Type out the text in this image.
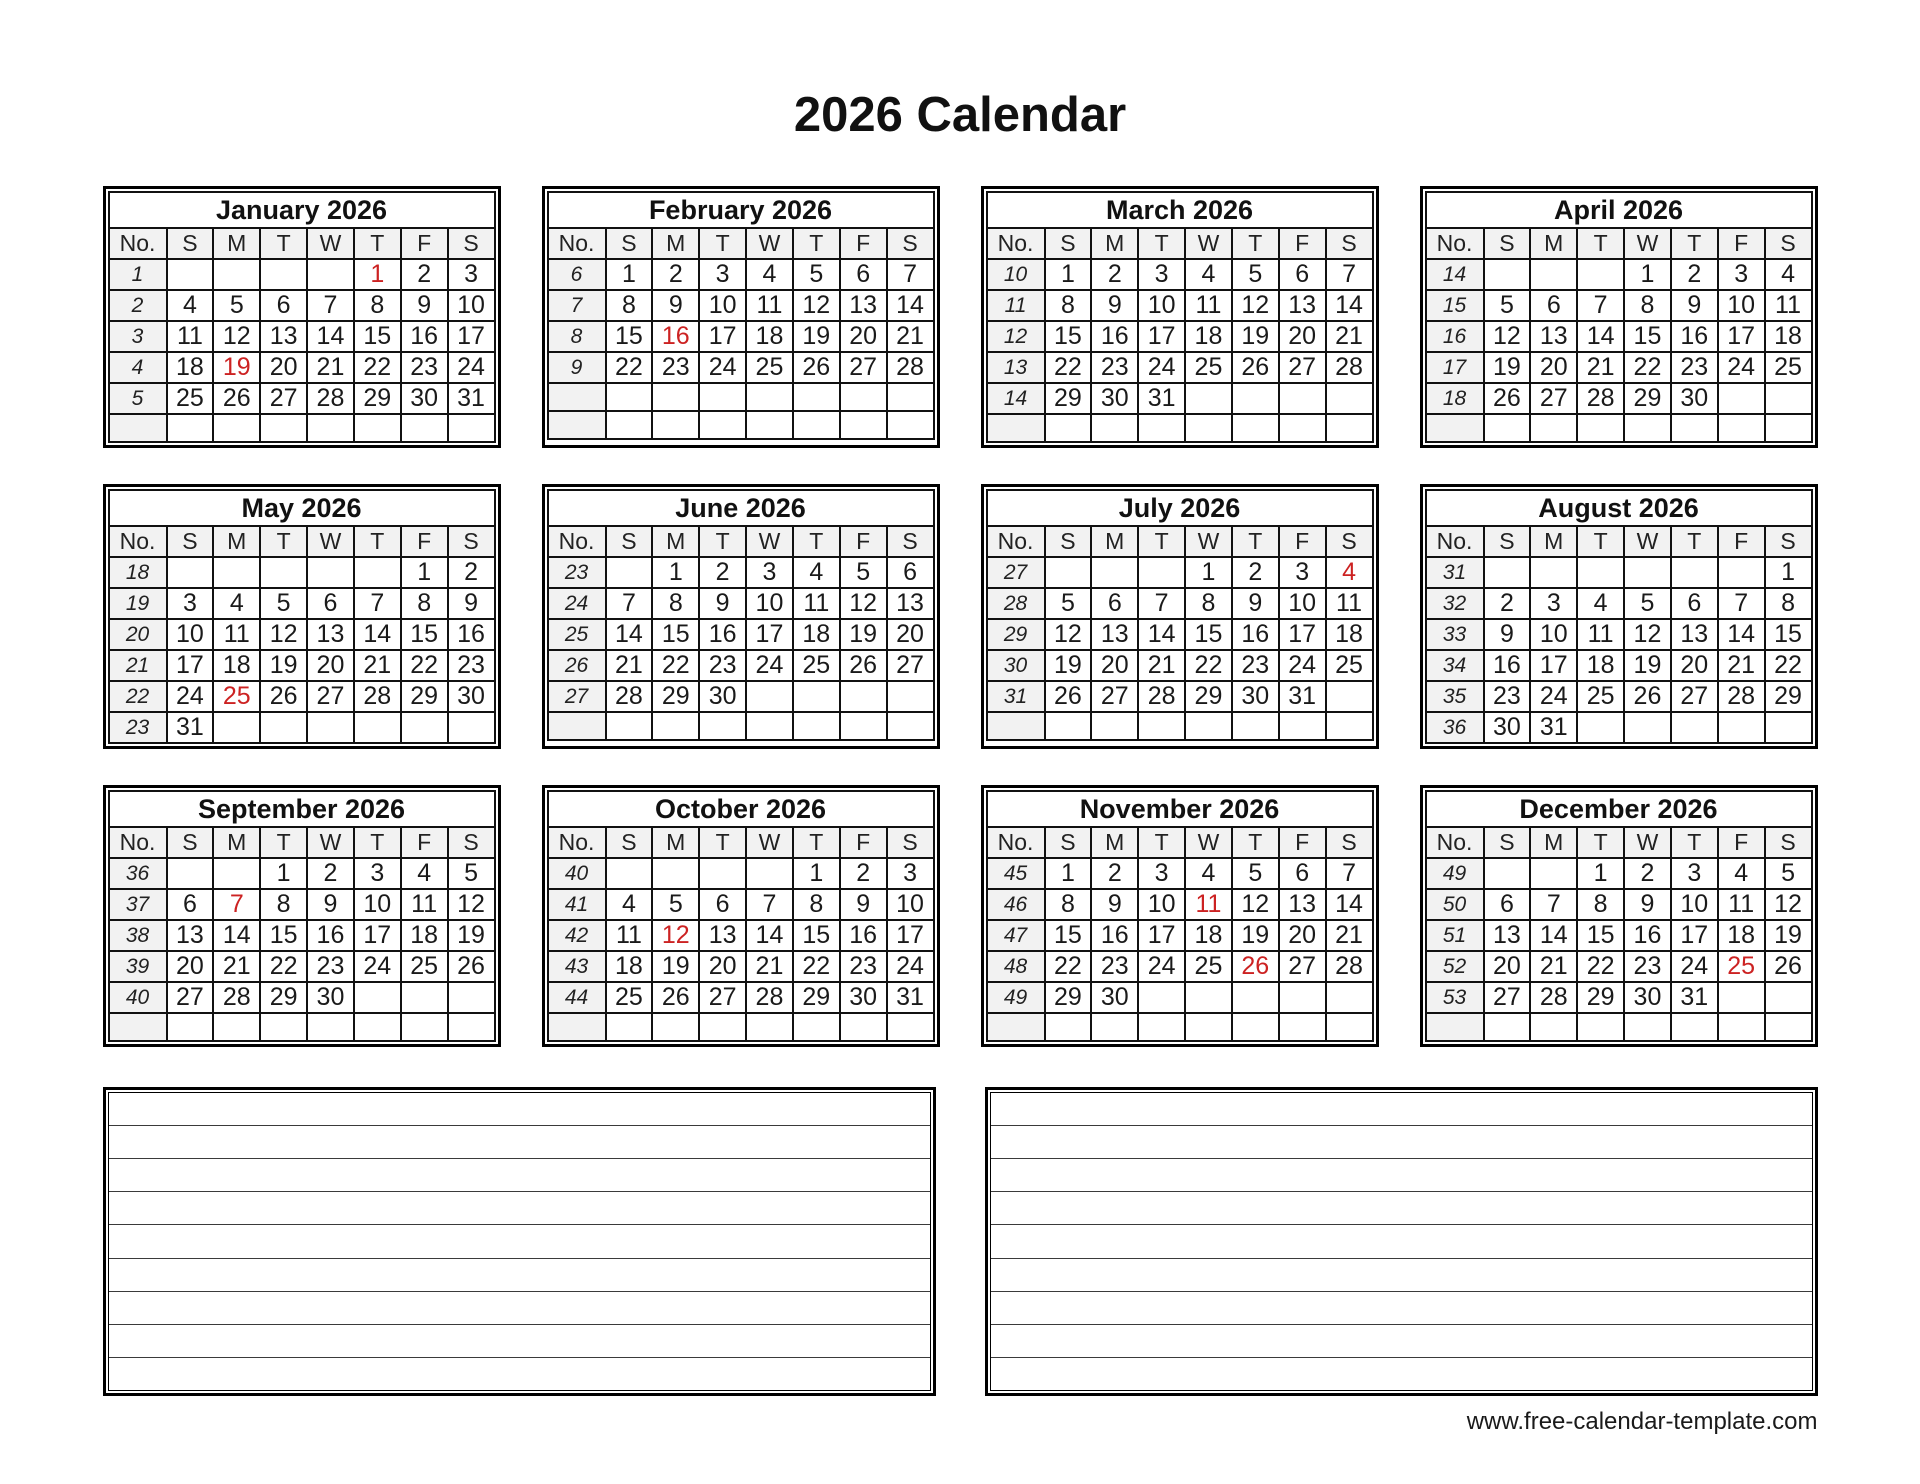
2026 Calendar
January 2026							
No.	S	M	T	W	T	F	S
1					1	2	3
2	4	5	6	7	8	9	10
3	11	12	13	14	15	16	17
4	18	19	20	21	22	23	24
5	25	26	27	28	29	30	31

February 2026							
No.	S	M	T	W	T	F	S
6	1	2	3	4	5	6	7
7	8	9	10	11	12	13	14
8	15	16	17	18	19	20	21
9	22	23	24	25	26	27	28

March 2026							
No.	S	M	T	W	T	F	S
10	1	2	3	4	5	6	7
11	8	9	10	11	12	13	14
12	15	16	17	18	19	20	21
13	22	23	24	25	26	27	28
14	29	30	31				

April 2026							
No.	S	M	T	W	T	F	S
14				1	2	3	4
15	5	6	7	8	9	10	11
16	12	13	14	15	16	17	18
17	19	20	21	22	23	24	25
18	26	27	28	29	30		

May 2026							
No.	S	M	T	W	T	F	S
18						1	2
19	3	4	5	6	7	8	9
20	10	11	12	13	14	15	16
21	17	18	19	20	21	22	23
22	24	25	26	27	28	29	30
23	31						
June 2026							
No.	S	M	T	W	T	F	S
23		1	2	3	4	5	6
24	7	8	9	10	11	12	13
25	14	15	16	17	18	19	20
26	21	22	23	24	25	26	27
27	28	29	30				

July 2026							
No.	S	M	T	W	T	F	S
27				1	2	3	4
28	5	6	7	8	9	10	11
29	12	13	14	15	16	17	18
30	19	20	21	22	23	24	25
31	26	27	28	29	30	31	

August 2026							
No.	S	M	T	W	T	F	S
31							1
32	2	3	4	5	6	7	8
33	9	10	11	12	13	14	15
34	16	17	18	19	20	21	22
35	23	24	25	26	27	28	29
36	30	31					
September 2026							
No.	S	M	T	W	T	F	S
36			1	2	3	4	5
37	6	7	8	9	10	11	12
38	13	14	15	16	17	18	19
39	20	21	22	23	24	25	26
40	27	28	29	30			

October 2026							
No.	S	M	T	W	T	F	S
40					1	2	3
41	4	5	6	7	8	9	10
42	11	12	13	14	15	16	17
43	18	19	20	21	22	23	24
44	25	26	27	28	29	30	31

November 2026							
No.	S	M	T	W	T	F	S
45	1	2	3	4	5	6	7
46	8	9	10	11	12	13	14
47	15	16	17	18	19	20	21
48	22	23	24	25	26	27	28
49	29	30					

December 2026							
No.	S	M	T	W	T	F	S
49			1	2	3	4	5
50	6	7	8	9	10	11	12
51	13	14	15	16	17	18	19
52	20	21	22	23	24	25	26
53	27	28	29	30	31		

www.free-calendar-template.com
